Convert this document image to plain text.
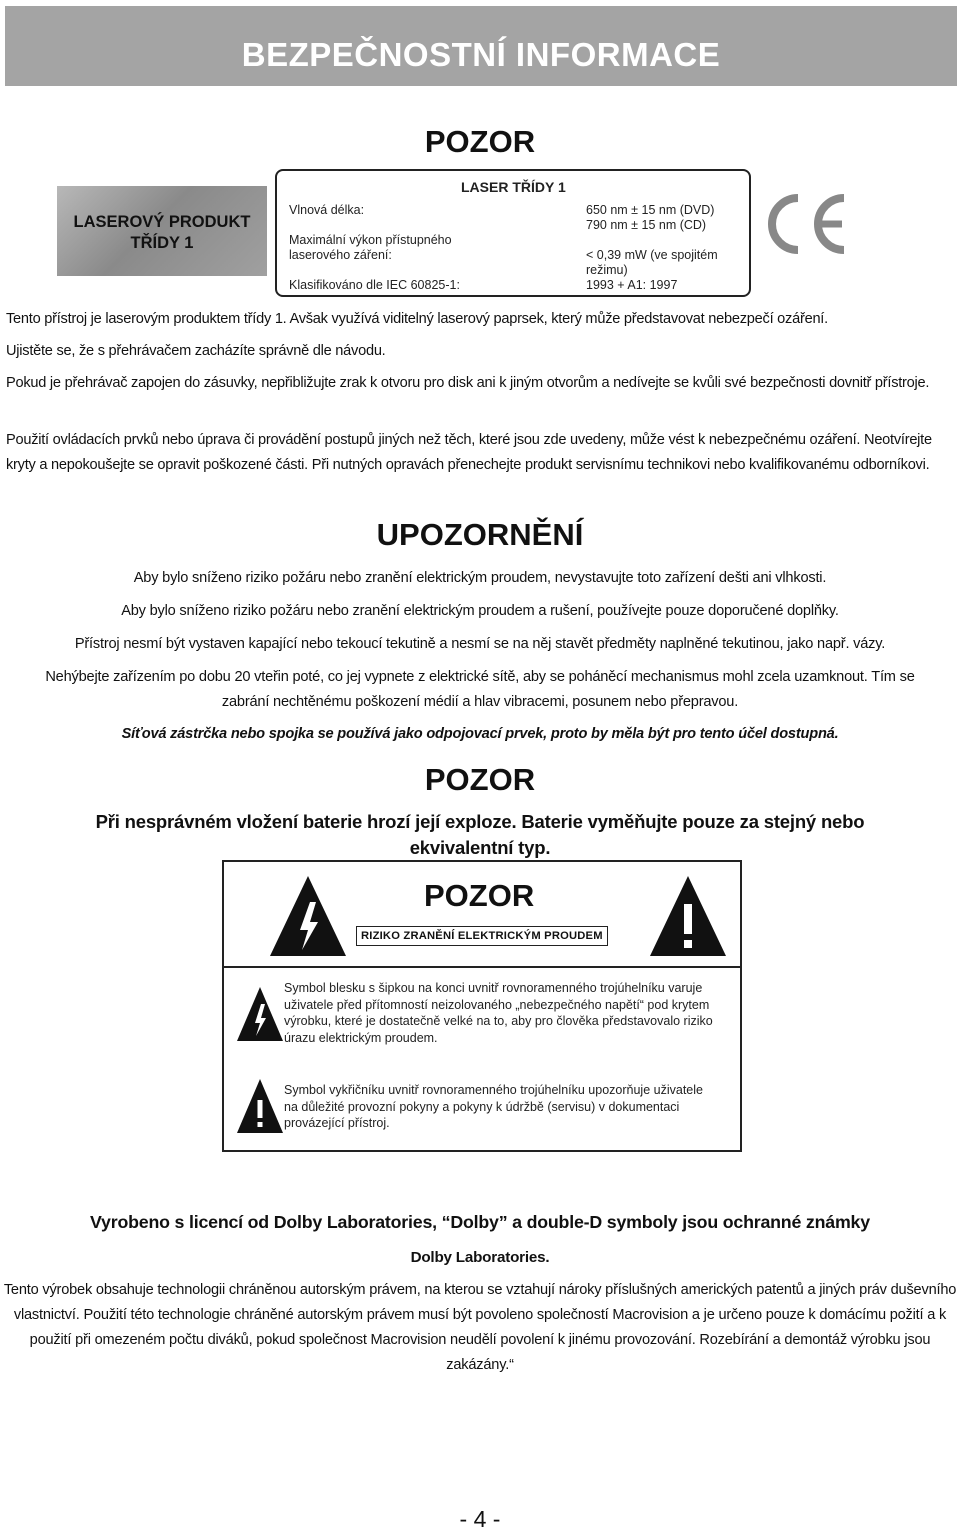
BEZPEČNOSTNÍ INFORMACE
POZOR
LASEROVÝ PRODUKT
TŘÍDY 1
LASER TŘÍDY 1
Vlnová délka:	650 nm ± 15 nm (DVD)
790 nm ± 15 nm (CD)
Maximální výkon přístupného
laserového záření:	< 0,39 mW (ve spojitém
režimu)
Klasifikováno dle IEC 60825-1:	1993 + A1: 1997
Tento přístroj je laserovým produktem třídy 1. Avšak využívá viditelný laserový paprsek, který může představovat nebezpečí ozáření.
Ujistěte se, že s přehrávačem zacházíte správně dle návodu.
Pokud je přehrávač zapojen do zásuvky, nepřibližujte zrak k otvoru pro disk ani k jiným otvorům a nedívejte se kvůli své bezpečnosti dovnitř přístroje.
Použití ovládacích prvků nebo úprava či provádění postupů jiných než těch, které jsou zde uvedeny, může vést k nebezpečnému ozáření. Neotvírejte kryty a nepokoušejte se opravit poškozené části. Při nutných opravách přenechejte produkt servisnímu technikovi nebo kvalifikovanému odborníkovi.
UPOZORNĚNÍ
Aby bylo sníženo riziko požáru nebo zranění elektrickým proudem, nevystavujte toto zařízení dešti ani vlhkosti.
Aby bylo sníženo riziko požáru nebo zranění elektrickým proudem a rušení, používejte pouze doporučené doplňky.
Přístroj nesmí být vystaven kapající nebo tekoucí tekutině a nesmí se na něj stavět předměty naplněné tekutinou, jako např. vázy.
Nehýbejte zařízením po dobu 20 vteřin poté, co jej vypnete z elektrické sítě, aby se poháněcí mechanismus mohl zcela uzamknout. Tím se zabrání nechtěnému poškození médií a hlav vibracemi, posunem nebo přepravou.
Síťová zástrčka nebo spojka se používá jako odpojovací prvek, proto by měla být pro tento účel dostupná.
POZOR
Při nesprávném vložení baterie hrozí její exploze. Baterie vyměňujte pouze za stejný nebo ekvivalentní typ.
POZOR
RIZIKO ZRANĚNÍ ELEKTRICKÝM PROUDEM
Symbol blesku s šipkou na konci uvnitř rovnoramenného trojúhelníku varuje uživatele před přítomností neizolovaného „nebezpečného napětí“ pod krytem výrobku, které je dostatečně velké na to, aby pro člověka představovalo riziko úrazu elektrickým proudem.
Symbol vykřičníku uvnitř rovnoramenného trojúhelníku upozorňuje uživatele na důležité provozní pokyny a pokyny k údržbě (servisu) v dokumentaci provázející přístroj.
Vyrobeno s licencí od Dolby Laboratories, “Dolby” a double-D symboly jsou ochranné známky
Dolby Laboratories.
Tento výrobek obsahuje technologii chráněnou autorským právem, na kterou se vztahují nároky příslušných amerických patentů a jiných práv duševního vlastnictví. Použití této technologie chráněné autorským právem musí být povoleno společností Macrovision a je určeno pouze k domácímu požití a k použití při omezeném počtu diváků, pokud společnost Macrovision neudělí povolení k jinému provozování. Rozebírání a demontáž výrobku jsou zakázány.“
- 4 -
